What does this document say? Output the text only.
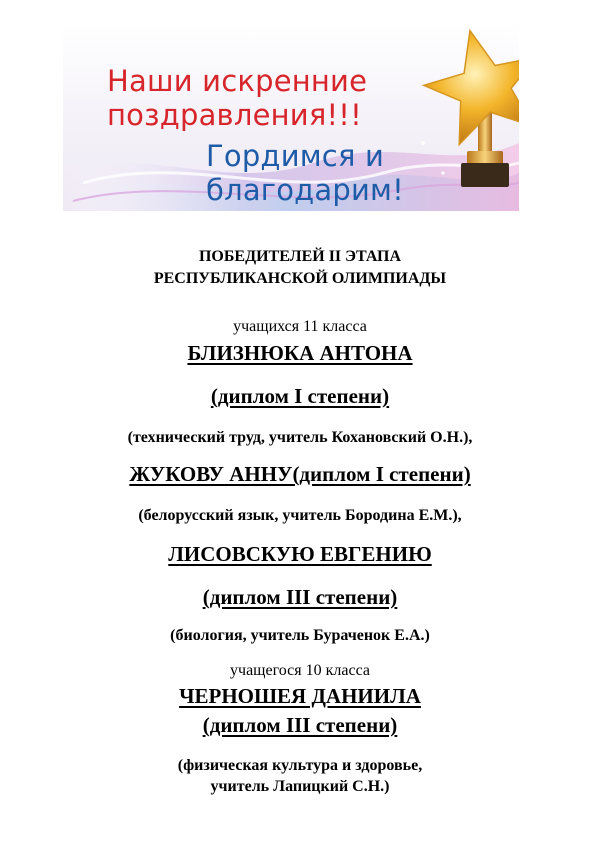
Наши искренние
поздравления!!!
Гордимся и
благодарим!
ПОБЕДИТЕЛЕЙ II ЭТАПА
РЕСПУБЛИКАНСКОЙ ОЛИМПИАДЫ
учащихся 11 класса
БЛИЗНЮКА АНТОНА
(диплом I степени)
(технический труд, учитель Кохановский О.Н.),
ЖУКОВУ АННУ(диплом I степени)
(белорусский язык, учитель Бородина Е.М.),
ЛИСОВСКУЮ ЕВГЕНИЮ
(диплом III степени)
(биология, учитель Бураченок Е.А.)
учащегося 10 класса
ЧЕРНОШЕЯ ДАНИИЛА
(диплом III степени)
(физическая культура и здоровье,
учитель Лапицкий С.Н.)
